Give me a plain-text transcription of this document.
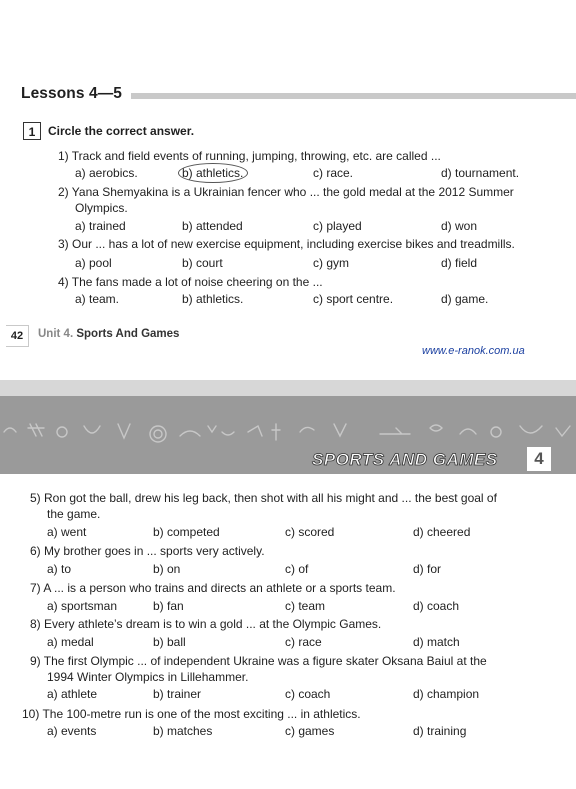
Lessons 4—5
1	Circle the correct answer.
1) Track and field events of running, jumping, throwing, etc. are called ...
a) aerobics.	b) athletics.	c) race.	d) tournament.
2) Yana Shemyakina is a Ukrainian fencer who ... the gold medal at the 2012 Summer
Olympics.
a) trained	b) attended	c) played	d) won
3) Our ... has a lot of new exercise equipment, including exercise bikes and treadmills.
a) pool	b) court	c) gym	d) field
4) The fans made a lot of noise cheering on the ...
a) team.	b) athletics.	c) sport centre.	d) game.
42	Unit 4. Sports And Games
www.e-ranok.com.ua
SPORTS AND GAMES	4
5) Ron got the ball, drew his leg back, then shot with all his might and ... the best goal of
the game.
a) went	b) competed	c) scored	d) cheered
6) My brother goes in ... sports very actively.
a) to	b) on	c) of	d) for
7) A ... is a person who trains and directs an athlete or a sports team.
a) sportsman	b) fan	c) team	d) coach
8) Every athlete’s dream is to win a gold ... at the Olympic Games.
a) medal	b) ball	c) race	d) match
9) The first Olympic ... of independent Ukraine was a figure skater Oksana Baiul at the
1994 Winter Olympics in Lillehammer.
a) athlete	b) trainer	c) coach	d) champion
10) The 100-metre run is one of the most exciting ... in athletics.
a) events	b) matches	c) games	d) training
